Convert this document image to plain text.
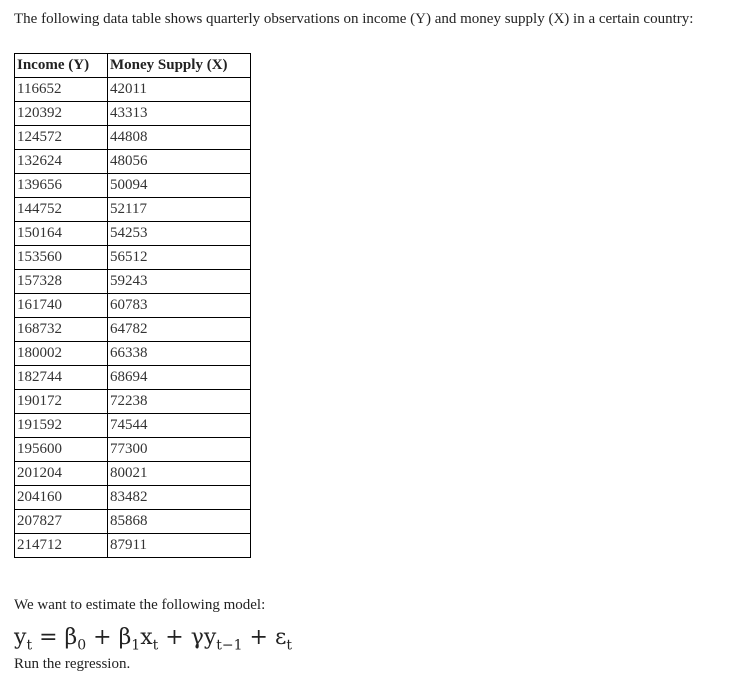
The following data table shows quarterly observations on income (Y) and money supply (X) in a certain country:
Income (Y)	Money Supply (X)
116652	42011
120392	43313
124572	44808
132624	48056
139656	50094
144752	52117
150164	54253
153560	56512
157328	59243
161740	60783
168732	64782
180002	66338
182744	68694
190172	72238
191592	74544
195600	77300
201204	80021
204160	83482
207827	85868
214712	87911
We want to estimate the following model:
$y_t = \beta_0 + \beta_1x_t + \gamma y_{t-1} + \varepsilon_t$
Run the regression.
